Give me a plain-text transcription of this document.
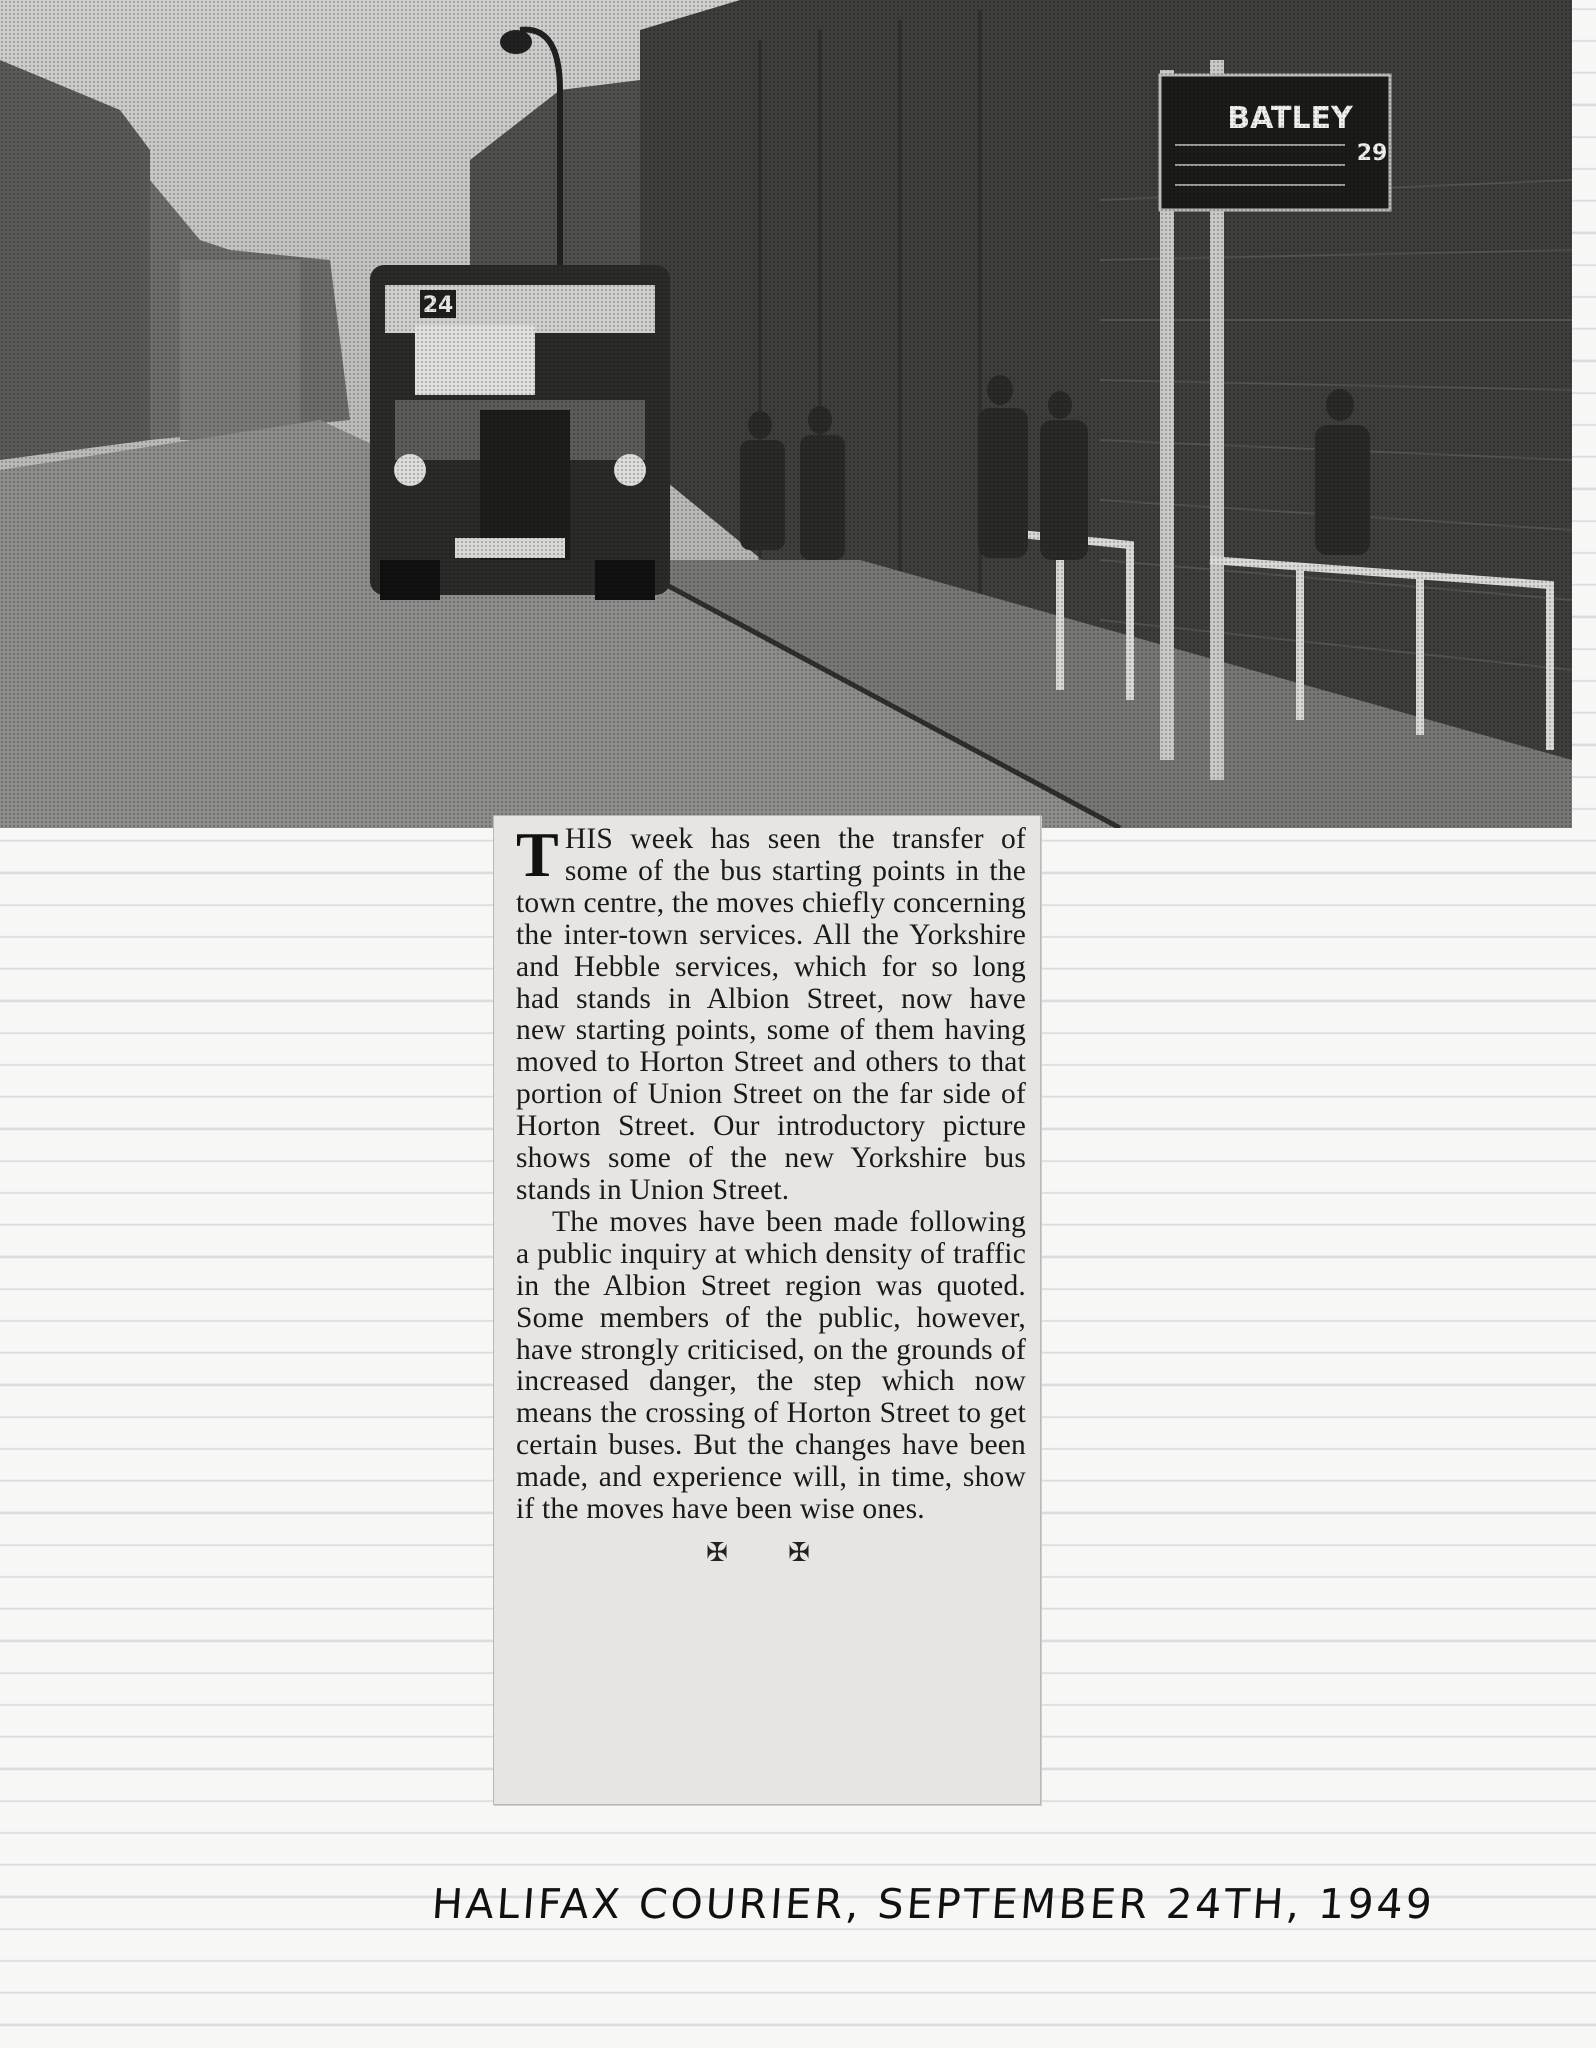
THIS week has seen the transfer of some of the bus starting points in the town centre, the moves chiefly concerning the inter-town services. All the Yorkshire and Hebble services, which for so long had stands in Albion Street, now have new starting points, some of them having moved to Horton Street and others to that portion of Union Street on the far side of Horton Street. Our introductory picture shows some of the new Yorkshire bus stands in Union Street.

The moves have been made following a public inquiry at which density of traffic in the Albion Street region was quoted. Some members of the public, however, have strongly criticised, on the grounds of increased danger, the step which now means the crossing of Horton Street to get certain buses. But the changes have been made, and experience will, in time, show if the moves have been wise ones.

✠ ✠
HALIFAX COURIER, SEPTEMBER 24TH, 1949
